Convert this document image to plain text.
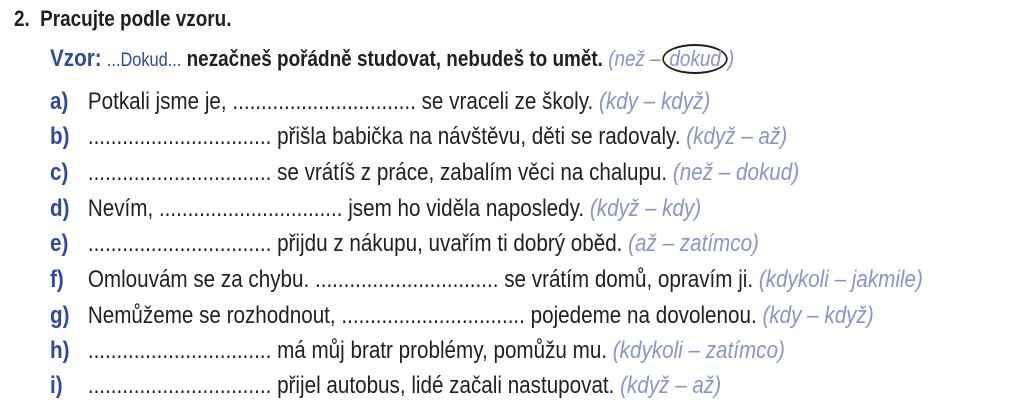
2. Pracujte podle vzoru.
Vzor: ...Dokud... nezačneš pořádně studovat, nebudeš to umět. (než – dokud )
a) Potkali jsme je, ................................ se vraceli ze školy. (kdy – když)
b) ................................ přišla babička na návštěvu, děti se radovaly. (když – až)
c) ................................ se vrátíš z práce, zabalím věci na chalupu. (než – dokud)
d) Nevím, ................................ jsem ho viděla naposledy. (když – kdy)
e) ................................ přijdu z nákupu, uvařím ti dobrý oběd. (až – zatímco)
f) Omlouvám se za chybu. ................................ se vrátím domů, opravím ji. (kdykoli – jakmile)
g) Nemůžeme se rozhodnout, ................................ pojedeme na dovolenou. (kdy – když)
h) ................................ má můj bratr problémy, pomůžu mu. (kdykoli – zatímco)
i) ................................ přijel autobus, lidé začali nastupovat. (když – až)
